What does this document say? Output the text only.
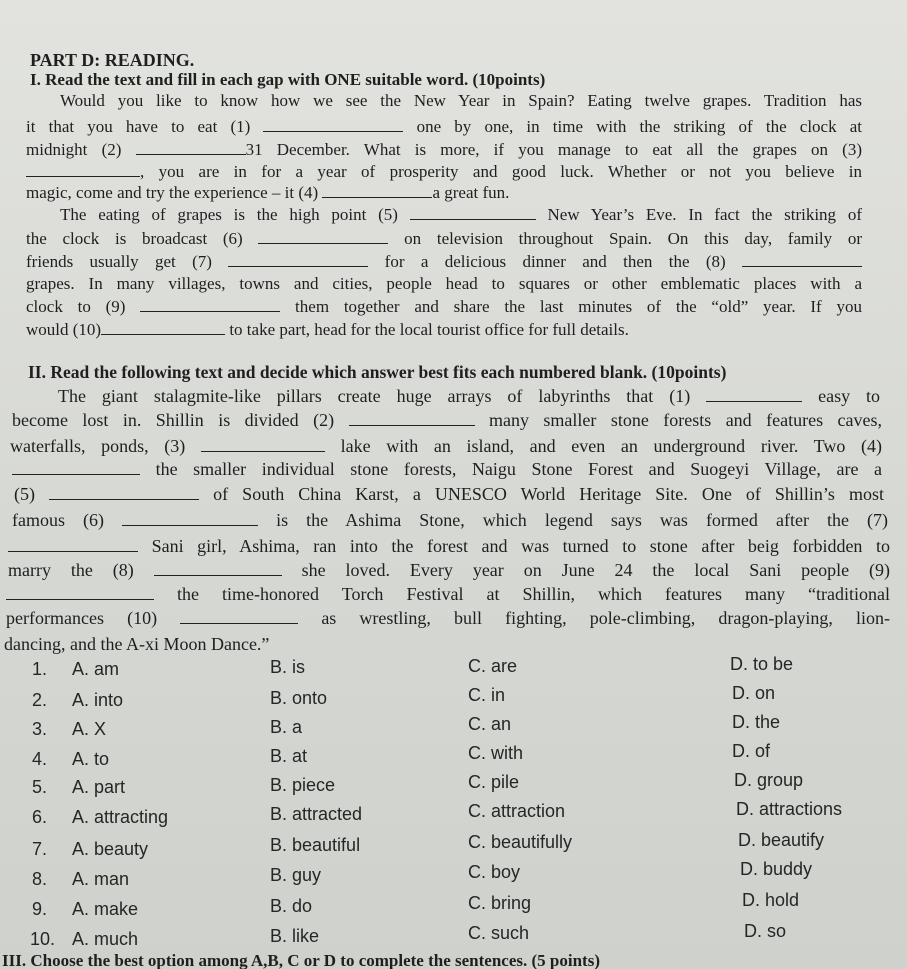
PART D: READING.
I. Read the text and fill in each gap with ONE suitable word. (10points)
Would you like to know how we see the New Year in Spain? Eating twelve grapes. Tradition has
it that you have to eat (1)	one by one, in time with the striking of the clock at
midnight (2)	31 December. What is more, if you manage to eat all the grapes on (3)
, you are in for a year of prosperity and good luck. Whether or not you believe in
magic, come and try the experience – it (4)	a great fun.
The eating of grapes is the high point (5)	New Year’s Eve. In fact the striking of
the clock is broadcast (6)	on television throughout Spain. On this day, family or
friends usually get (7)	for a delicious dinner and then the (8)
grapes. In many villages, towns and cities, people head to squares or other emblematic places with a
clock to (9)	them together and share the last minutes of the “old” year. If you
would (10)	to take part, head for the local tourist office for full details.
II. Read the following text and decide which answer best fits each numbered blank. (10points)
The giant stalagmite-like pillars create huge arrays of labyrinths that (1)	easy to
become lost in. Shillin is divided (2)	many smaller stone forests and features caves,
waterfalls, ponds, (3)	lake with an island, and even an underground river. Two (4)
the smaller individual stone forests, Naigu Stone Forest and Suogeyi Village, are a
(5)	of South China Karst, a UNESCO World Heritage Site. One of Shillin’s most
famous (6)	is the Ashima Stone, which legend says was formed after the (7)
Sani girl, Ashima, ran into the forest and was turned to stone after beig forbidden to
marry the (8)	she loved. Every year on June 24 the local Sani people (9)
the time-honored Torch Festival at Shillin, which features many “traditional
performances (10)	as wrestling, bull fighting, pole-climbing, dragon-playing, lion-
dancing, and the A-xi Moon Dance.”
1. A. am	B. is	C. are	D. to be
2. A. into	B. onto	C. in	D. on
3. A. X	B. a	C. an	D. the
4. A. to	B. at	C. with	D. of
5. A. part	B. piece	C. pile	D. group
6. A. attracting	B. attracted	C. attraction	D. attractions
7. A. beauty	B. beautiful	C. beautifully	D. beautify
8. A. man	B. guy	C. boy	D. buddy
9. A. make	B. do	C. bring	D. hold
10. A. much	B. like	C. such	D. so
III. Choose the best option among A,B, C or D to complete the sentences. (5 points)
